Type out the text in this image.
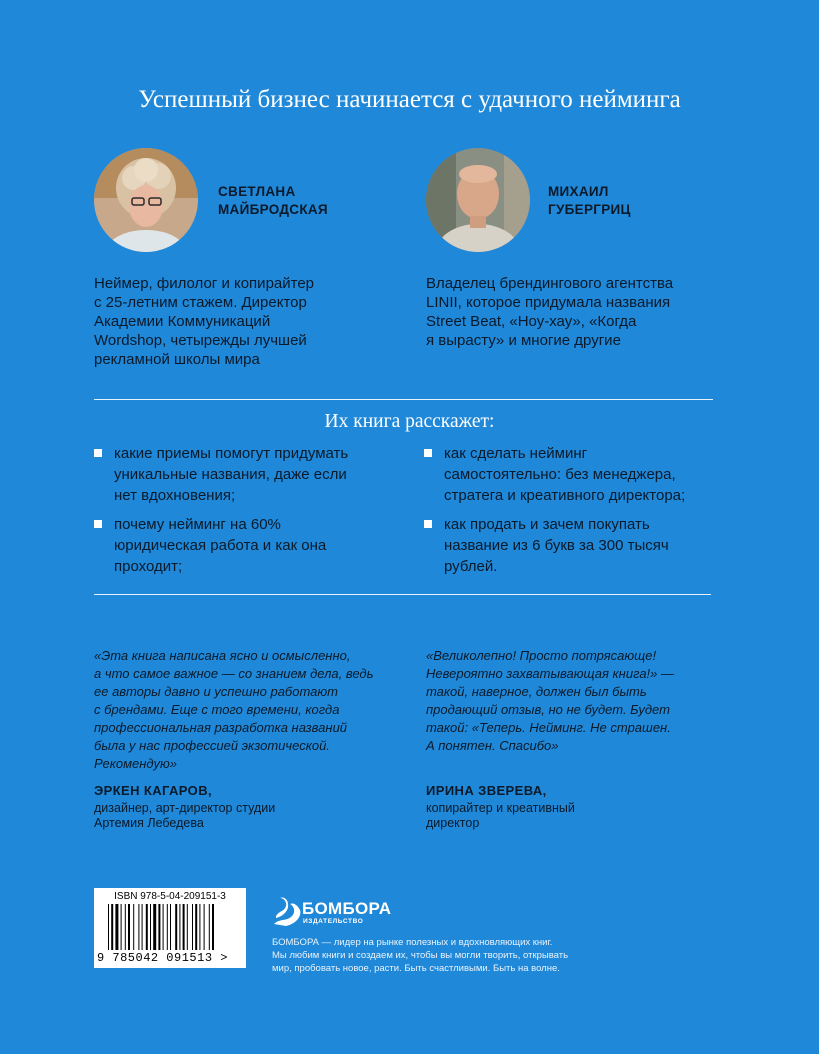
Успешный бизнес начинается с удачного нейминга
СВЕТЛАНА
МАЙБРОДСКАЯ
Неймер, филолог и копирайтер
с 25-летним стажем. Директор
Академии Коммуникаций
Wordshop, четырежды лучшей
рекламной школы мира
МИХАИЛ
ГУБЕРГРИЦ
Владелец брендингового агентства
LINII, которое придумала названия
Street Beat, «Ноу-хау», «Когда
я вырасту» и многие другие
Их книга расскажет:
какие приемы помогут придумать
уникальные названия, даже если
нет вдохновения;
почему нейминг на 60%
юридическая работа и как она
проходит;
как сделать нейминг
самостоятельно: без менеджера,
стратега и креативного директора;
как продать и зачем покупать
название из 6 букв за 300 тысяч
рублей.
«Эта книга написана ясно и осмысленно,
а что самое важное — со знанием дела, ведь
ее авторы давно и успешно работают
с брендами. Еще с того времени, когда
профессиональная разработка названий
была у нас профессией экзотической.
Рекомендую»
ЭРКЕН КАГАРОВ,
дизайнер, арт-директор студии
Артемия Лебедева
«Великолепно! Просто потрясающе!
Невероятно захватывающая книга!» —
такой, наверное, должен был быть
продающий отзыв, но не будет. Будет
такой: «Теперь. Нейминг. Не страшен.
А понятен. Спасибо»
ИРИНА ЗВЕРЕВА,
копирайтер и креативный
директор
ISBN 978-5-04-209151-3
9 785042 091513 >
БОМБОРА
ИЗДАТЕЛЬСТВО
БОМБОРА — лидер на рынке полезных и вдохновляющих книг.
Мы любим книги и создаем их, чтобы вы могли творить, открывать
мир, пробовать новое, расти. Быть счастливыми. Быть на волне.
